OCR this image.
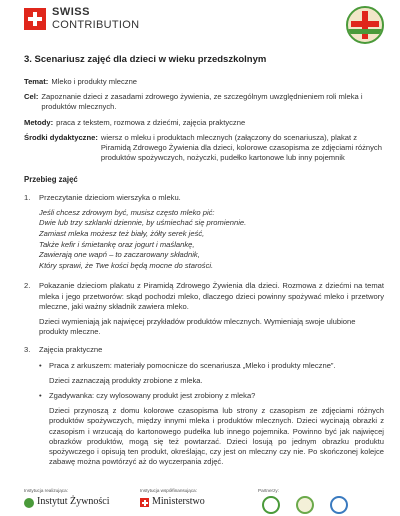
SWISS
CONTRIBUTION
3. Scenariusz zajęć dla dzieci w wieku przedszkolnym
Temat: Mleko i produkty mleczne
Cel: Zapoznanie dzieci z zasadami zdrowego żywienia, ze szczególnym uwzględnieniem roli mleka i produktów mlecznych.
Metody: praca z tekstem, rozmowa z dziećmi, zajęcia praktyczne
Środki dydaktyczne: wiersz o mleku i produktach mlecznych (załączony do scenariusza), plakat z Piramidą Zdrowego Żywienia dla dzieci, kolorowe czasopisma ze zdjęciami różnych produktów spożywczych, nożyczki, pudełko kartonowe lub inny pojemnik
Przebieg zajęć
1.	Przeczytanie dzieciom wierszyka o mleku.
Jeśli chcesz zdrowym być, musisz często mleko pić:
Dwie lub trzy szklanki dziennie, by uśmiechać się promiennie.
Zamiast mleka możesz też biały, żółty serek jeść,
Także kefir i śmietankę oraz jogurt i maślankę,
Zawierają one wapń – to zaczarowany składnik,
Który sprawi, że Twe kości będą mocne do starości.
2.	Pokazanie dzieciom plakatu z Piramidą Zdrowego Żywienia dla dzieci. Rozmowa z dziećmi na temat mleka i jego przetworów: skąd pochodzi mleko, dlaczego dzieci powinny spożywać mleko i przetwory mleczne, jaki ważny składnik zawiera mleko.

Dzieci wymieniają jak najwięcej przykładów produktów mlecznych. Wymieniają swoje ulubione produkty mleczne.

3.	Zajęcia praktyczne
• Praca z arkuszem: materiały pomocnicze do scenariusza „Mleko i produkty mleczne”.

Dzieci zaznaczają produkty zrobione z mleka.

• Zgadywanka: czy wylosowany produkt jest zrobiony z mleka?

Dzieci przynoszą z domu kolorowe czasopisma lub strony z czasopism ze zdjęciami różnych produktów spożywczych, między innymi mleka i produktów mlecznych. Dzieci wycinają obrazki z czasopism i wrzucają do kartonowego pudełka lub innego pojemnika. Powinno być jak najwięcej obrazków produktów, mogą się też powtarzać. Dzieci losują po jednym obrazku produktu spożywczego i opisują ten produkt, określając, czy jest on mleczny czy nie. Po skończonej kolejce zabawę można powtórzyć aż do wyczerpania zdjęć.

Instytucja realizująca:	Instytucja współfinansująca:	Partnerzy:
Instytut Żywności	Ministerstwo
